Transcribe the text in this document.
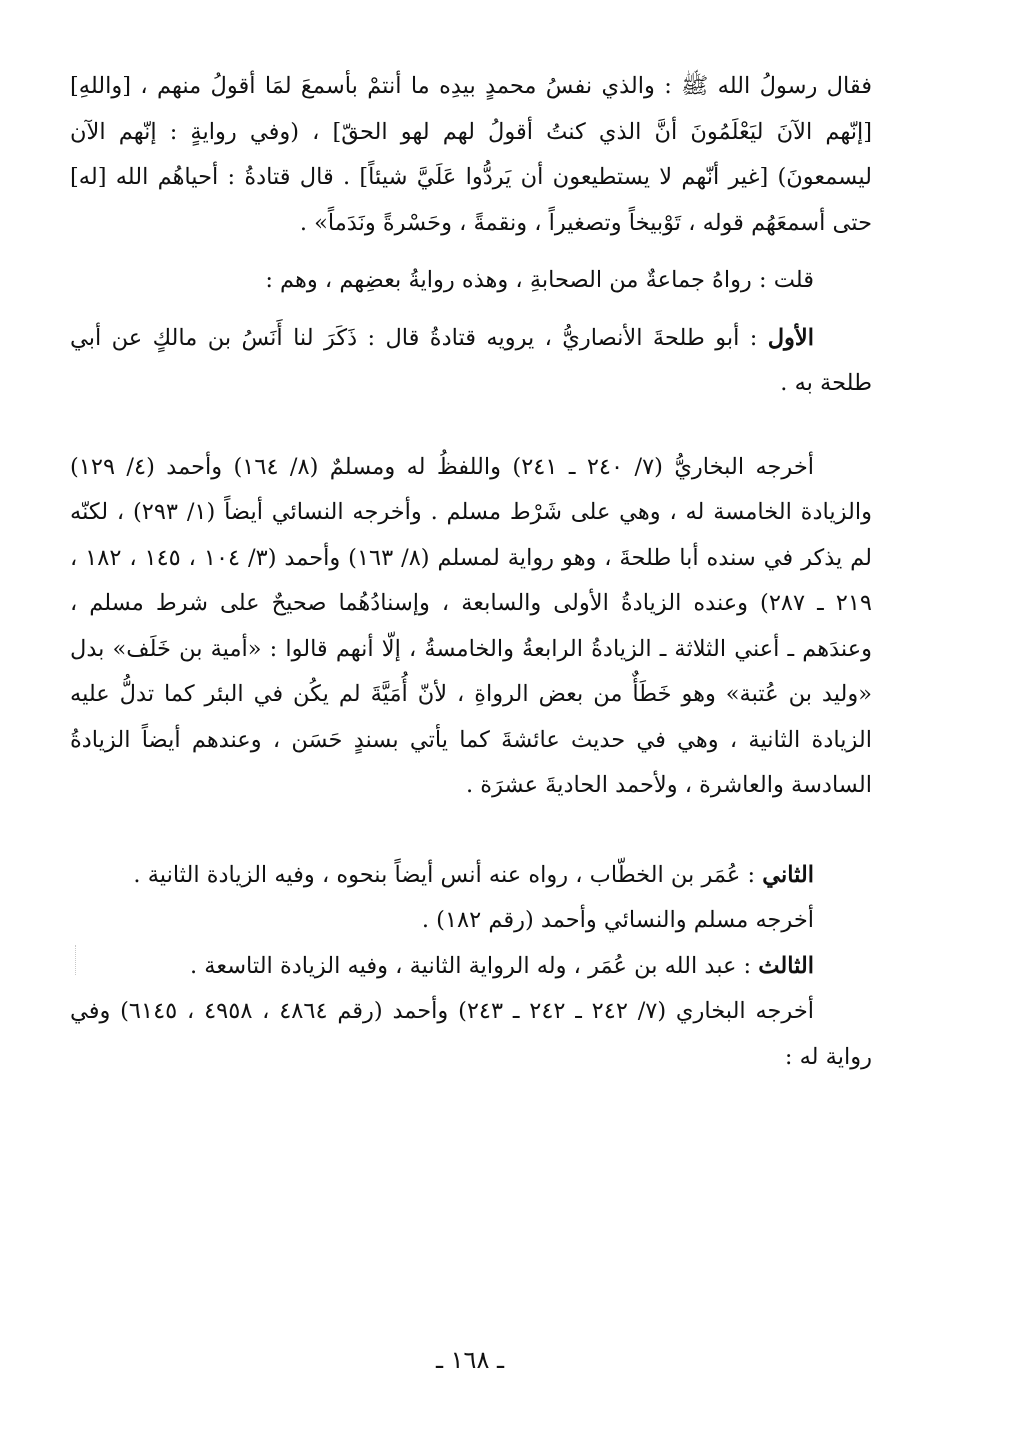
فقال رسولُ الله ﷺ : والذي نفسُ محمدٍ بيدِه ما أنتمْ بأسمعَ لمَا أقولُ منهم ، [واللهِ] [إنّهم الآنَ ليَعْلَمُونَ أنَّ الذي كنتُ أقولُ لهم لهو الحقّ] ، (وفي روايةٍ : إنّهم الآن ليسمعونَ) [غير أنّهم لا يستطيعون أن يَردُّوا عَلَيَّ شيئاً] . قال قتادةُ : أحياهُم الله [له] حتى أسمعَهُم قوله ، تَوْبيخاً وتصغيراً ، ونقمةً ، وحَسْرةً ونَدَماً» .

قلت : رواهُ جماعةٌ من الصحابةِ ، وهذه روايةُ بعضِهم ، وهم :

الأول : أبو طلحةَ الأنصاريُّ ، يرويه قتادةُ قال : ذَكَرَ لنا أَنَسُ بن مالكٍ عن أبي طلحة به .

أخرجه البخاريُّ (٧/ ٢٤٠ ـ ٢٤١) واللفظُ له ومسلمٌ (٨/ ١٦٤) وأحمد (٤/ ١٢٩) والزيادة الخامسة له ، وهي على شَرْط مسلم . وأخرجه النسائي أيضاً (١/ ٢٩٣) ، لكنّه لم يذكر في سنده أبا طلحةَ ، وهو رواية لمسلم (٨/ ١٦٣) وأحمد (٣/ ١٠٤ ، ١٤٥ ، ١٨٢ ، ٢١٩ ـ ٢٨٧) وعنده الزيادةُ الأولى والسابعة ، وإسنادُهُما صحيحٌ على شرط مسلم ، وعندَهم ـ أعني الثلاثة ـ الزيادةُ الرابعةُ والخامسةُ ، إلّا أنهم قالوا : «أمية بن خَلَف» بدل «وليد بن عُتبة» وهو خَطَأٌ من بعض الرواةِ ، لأنّ أُمَيَّةَ لم يكُن في البئر كما تدلُّ عليه الزيادة الثانية ، وهي في حديث عائشةَ كما يأتي بسندٍ حَسَن ، وعندهم أيضاً الزيادةُ السادسة والعاشرة ، ولأحمد الحاديةَ عشرَة .

الثاني : عُمَر بن الخطّاب ، رواه عنه أنس أيضاً بنحوه ، وفيه الزيادة الثانية .

أخرجه مسلم والنسائي وأحمد (رقم ١٨٢) .

الثالث : عبد الله بن عُمَر ، وله الرواية الثانية ، وفيه الزيادة التاسعة .

أخرجه البخاري (٧/ ٢٤٢ ـ ٢٤٢ ـ ٢٤٣) وأحمد (رقم ٤٨٦٤ ، ٤٩٥٨ ، ٦١٤٥) وفي رواية له :

ـ ١٦٨ ـ
